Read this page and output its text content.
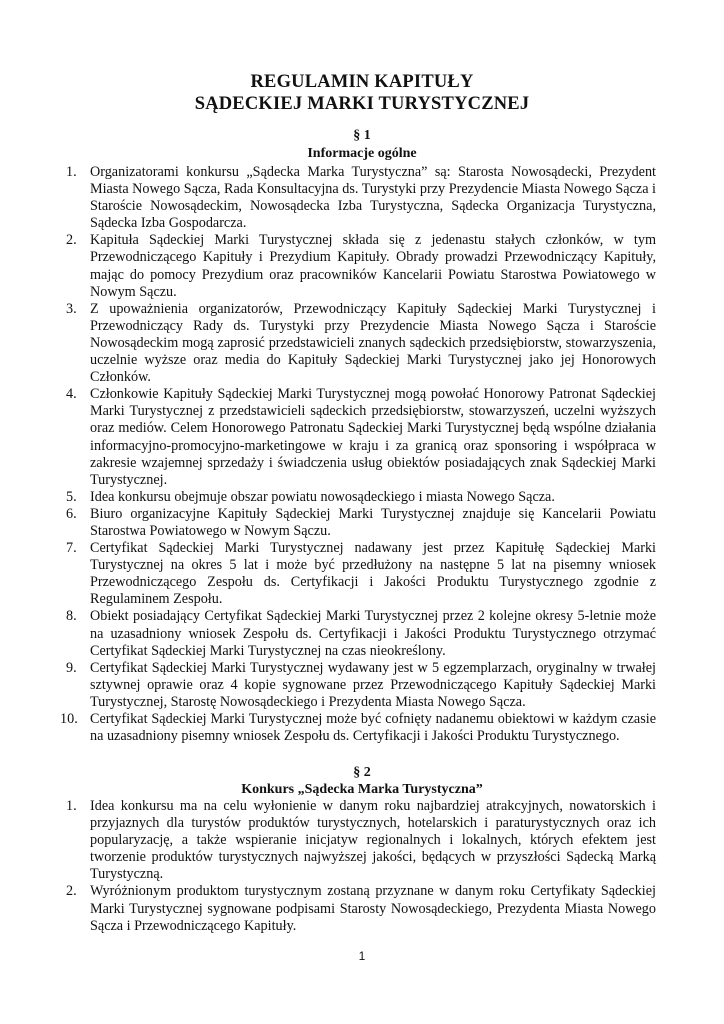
REGULAMIN KAPITUŁY
SĄDECKIEJ MARKI TURYSTYCZNEJ
§ 1
Informacje ogólne
1. Organizatorami konkursu „Sądecka Marka Turystyczna” są: Starosta Nowosądecki, Prezydent Miasta Nowego Sącza, Rada Konsultacyjna ds. Turystyki przy Prezydencie Miasta Nowego Sącza i Staroście Nowosądeckim, Nowosądecka Izba Turystyczna, Sądecka Organizacja Turystyczna, Sądecka Izba Gospodarcza.
2. Kapituła Sądeckiej Marki Turystycznej składa się z jedenastu stałych członków, w tym Przewodniczącego Kapituły i Prezydium Kapituły. Obrady prowadzi Przewodniczący Kapituły, mając do pomocy Prezydium oraz pracowników Kancelarii Powiatu Starostwa Powiatowego w Nowym Sączu.
3. Z upoważnienia organizatorów, Przewodniczący Kapituły Sądeckiej Marki Turystycznej i Przewodniczący Rady ds. Turystyki przy Prezydencie Miasta Nowego Sącza i Staroście Nowosądeckim mogą zaprosić przedstawicieli znanych sądeckich przedsiębiorstw, stowarzyszenia, uczelnie wyższe oraz media do Kapituły Sądeckiej Marki Turystycznej jako jej Honorowych Członków.
4. Członkowie Kapituły Sądeckiej Marki Turystycznej mogą powołać Honorowy Patronat Sądeckiej Marki Turystycznej z przedstawicieli sądeckich przedsiębiorstw, stowarzyszeń, uczelni wyższych oraz mediów. Celem Honorowego Patronatu Sądeckiej Marki Turystycznej będą wspólne działania informacyjno-promocyjno-marketingowe w kraju i za granicą oraz sponsoring i współpraca w zakresie wzajemnej sprzedaży i świadczenia usług obiektów posiadających znak Sądeckiej Marki Turystycznej.
5. Idea konkursu obejmuje obszar powiatu nowosądeckiego i miasta Nowego Sącza.
6. Biuro organizacyjne Kapituły Sądeckiej Marki Turystycznej znajduje się Kancelarii Powiatu Starostwa Powiatowego w Nowym Sączu.
7. Certyfikat Sądeckiej Marki Turystycznej nadawany jest przez Kapitułę Sądeckiej Marki Turystycznej na okres 5 lat i może być przedłużony na następne 5 lat na pisemny wniosek Przewodniczącego Zespołu ds. Certyfikacji i Jakości Produktu Turystycznego zgodnie z Regulaminem Zespołu.
8. Obiekt posiadający Certyfikat Sądeckiej Marki Turystycznej przez 2 kolejne okresy 5-letnie może na uzasadniony wniosek Zespołu ds. Certyfikacji i Jakości Produktu Turystycznego otrzymać Certyfikat Sądeckiej Marki Turystycznej na czas nieokreślony.
9. Certyfikat Sądeckiej Marki Turystycznej wydawany jest w 5 egzemplarzach, oryginalny w trwałej sztywnej oprawie oraz 4 kopie sygnowane przez Przewodniczącego Kapituły Sądeckiej Marki Turystycznej, Starostę Nowosądeckiego i Prezydenta Miasta Nowego Sącza.
10. Certyfikat Sądeckiej Marki Turystycznej może być cofnięty nadanemu obiektowi w każdym czasie na uzasadniony pisemny wniosek Zespołu ds. Certyfikacji i Jakości Produktu Turystycznego.
§ 2
Konkurs „Sądecka Marka Turystyczna”
1. Idea konkursu ma na celu wyłonienie w danym roku najbardziej atrakcyjnych, nowatorskich i przyjaznych dla turystów produktów turystycznych, hotelarskich i paraturystycznych oraz ich popularyzację, a także wspieranie inicjatyw regionalnych i lokalnych, których efektem jest tworzenie produktów turystycznych najwyższej jakości, będących w przyszłości Sądecką Marką Turystyczną.
2. Wyróżnionym produktom turystycznym zostaną przyznane w danym roku Certyfikaty Sądeckiej Marki Turystycznej sygnowane podpisami Starosty Nowosądeckiego, Prezydenta Miasta Nowego Sącza i Przewodniczącego Kapituły.
1
